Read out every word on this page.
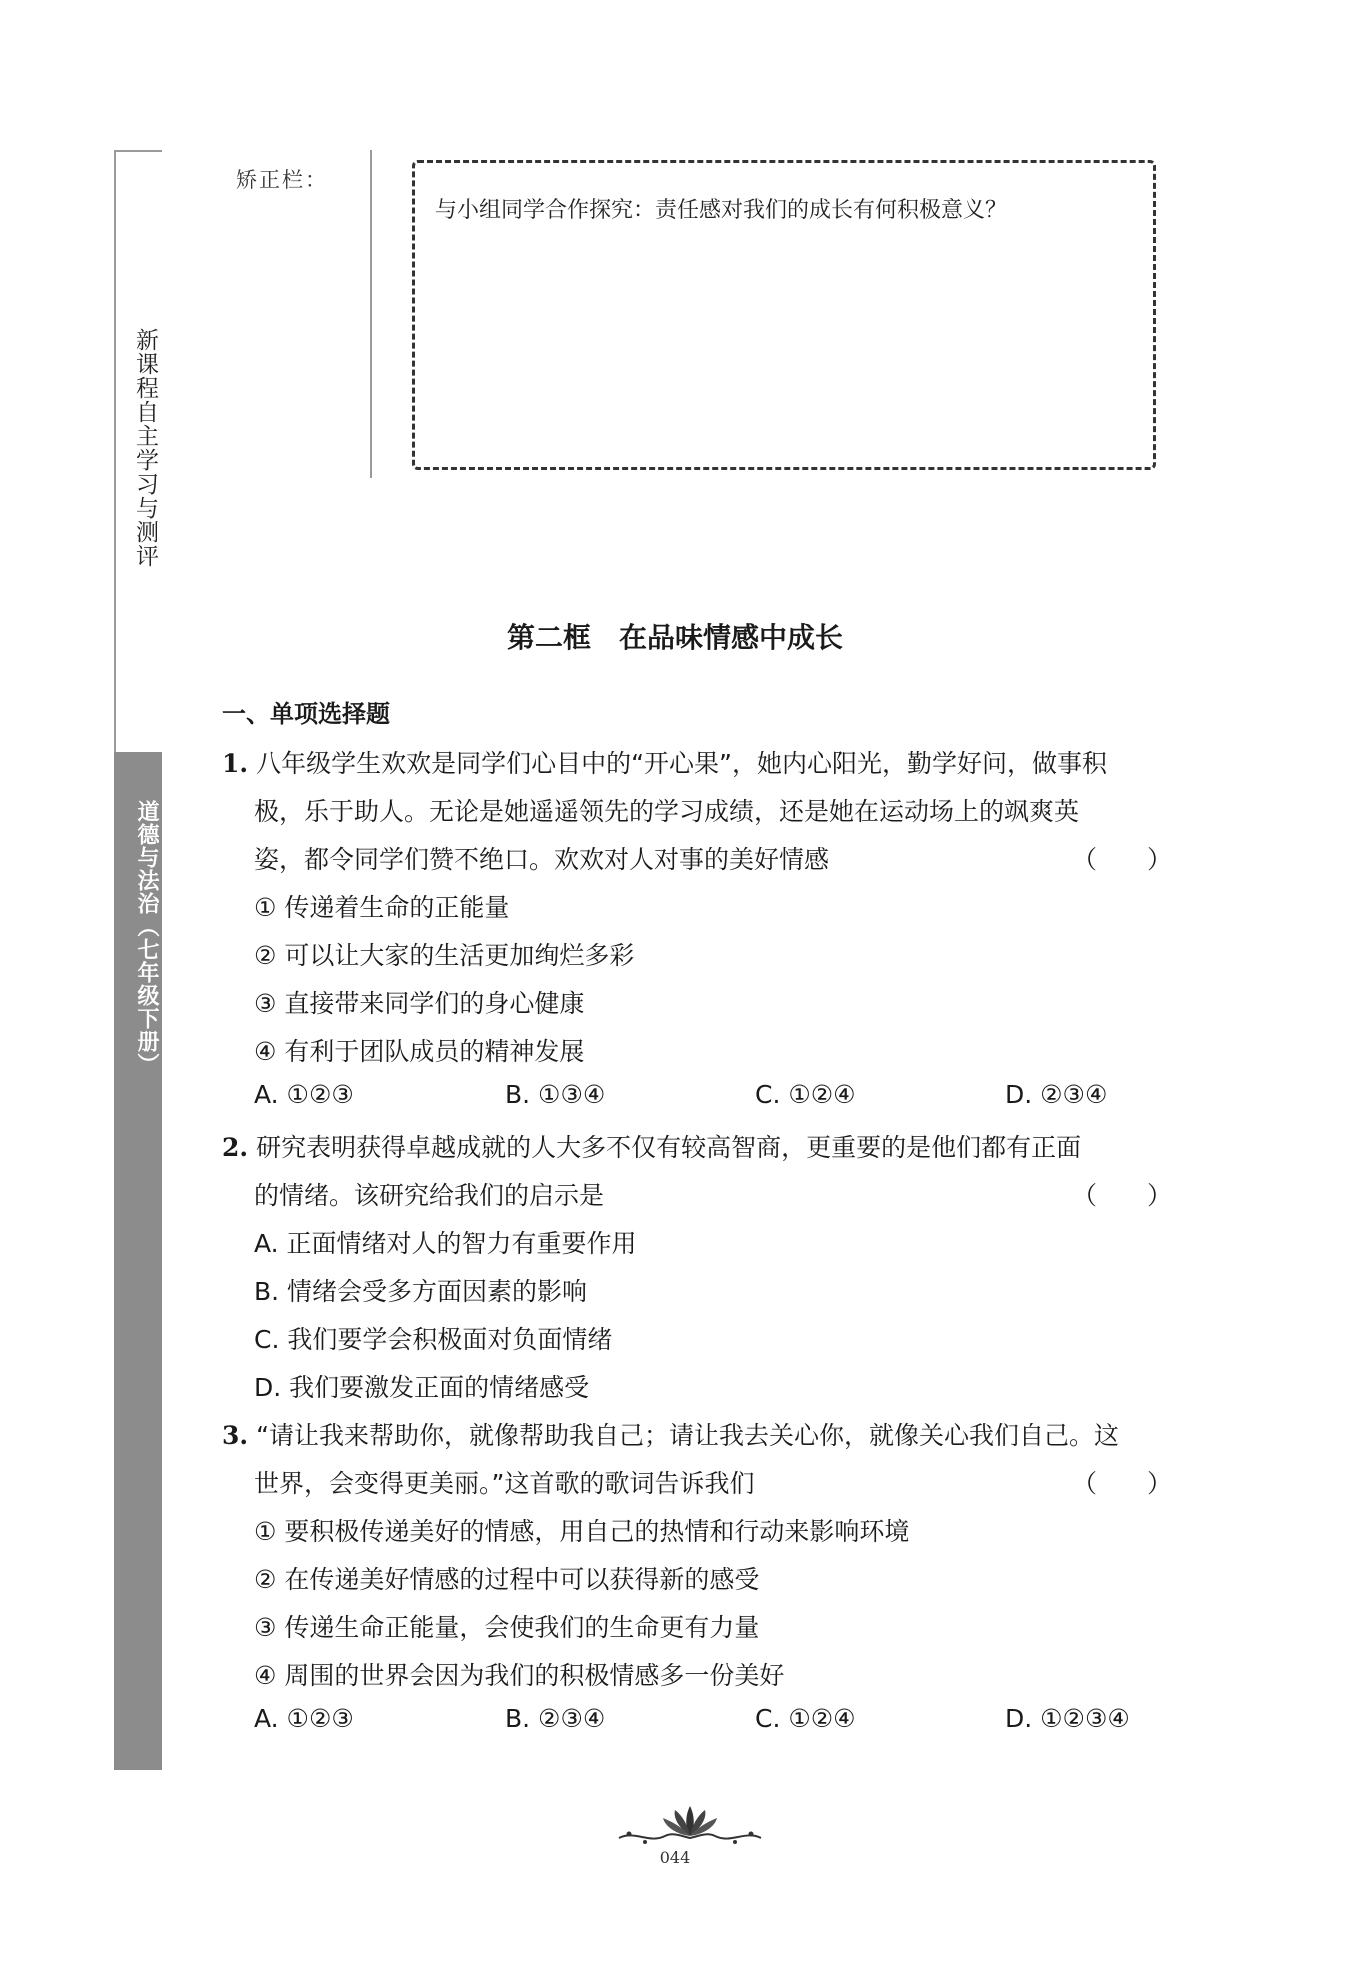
新课程自主学习与测评
道德与法治（七年级下册）
矫正栏：
与小组同学合作探究：责任感对我们的成长有何积极意义？
第二框　在品味情感中成长
一、单项选择题
1. 八年级学生欢欢是同学们心目中的“开心果”，她内心阳光，勤学好问，做事积
极，乐于助人。无论是她遥遥领先的学习成绩，还是她在运动场上的飒爽英
姿，都令同学们赞不绝口。欢欢对人对事的美好情感	（　　）
① 传递着生命的正能量
② 可以让大家的生活更加绚烂多彩
③ 直接带来同学们的身心健康
④ 有利于团队成员的精神发展
A. ①②③	B. ①③④	C. ①②④	D. ②③④
2. 研究表明获得卓越成就的人大多不仅有较高智商，更重要的是他们都有正面
的情绪。该研究给我们的启示是	（　　）
A. 正面情绪对人的智力有重要作用
B. 情绪会受多方面因素的影响
C. 我们要学会积极面对负面情绪
D. 我们要激发正面的情绪感受
3. “请让我来帮助你，就像帮助我自己；请让我去关心你，就像关心我们自己。这
世界，会变得更美丽。”这首歌的歌词告诉我们	（　　）
① 要积极传递美好的情感，用自己的热情和行动来影响环境
② 在传递美好情感的过程中可以获得新的感受
③ 传递生命正能量，会使我们的生命更有力量
④ 周围的世界会因为我们的积极情感多一份美好
A. ①②③	B. ②③④	C. ①②④	D. ①②③④
044
